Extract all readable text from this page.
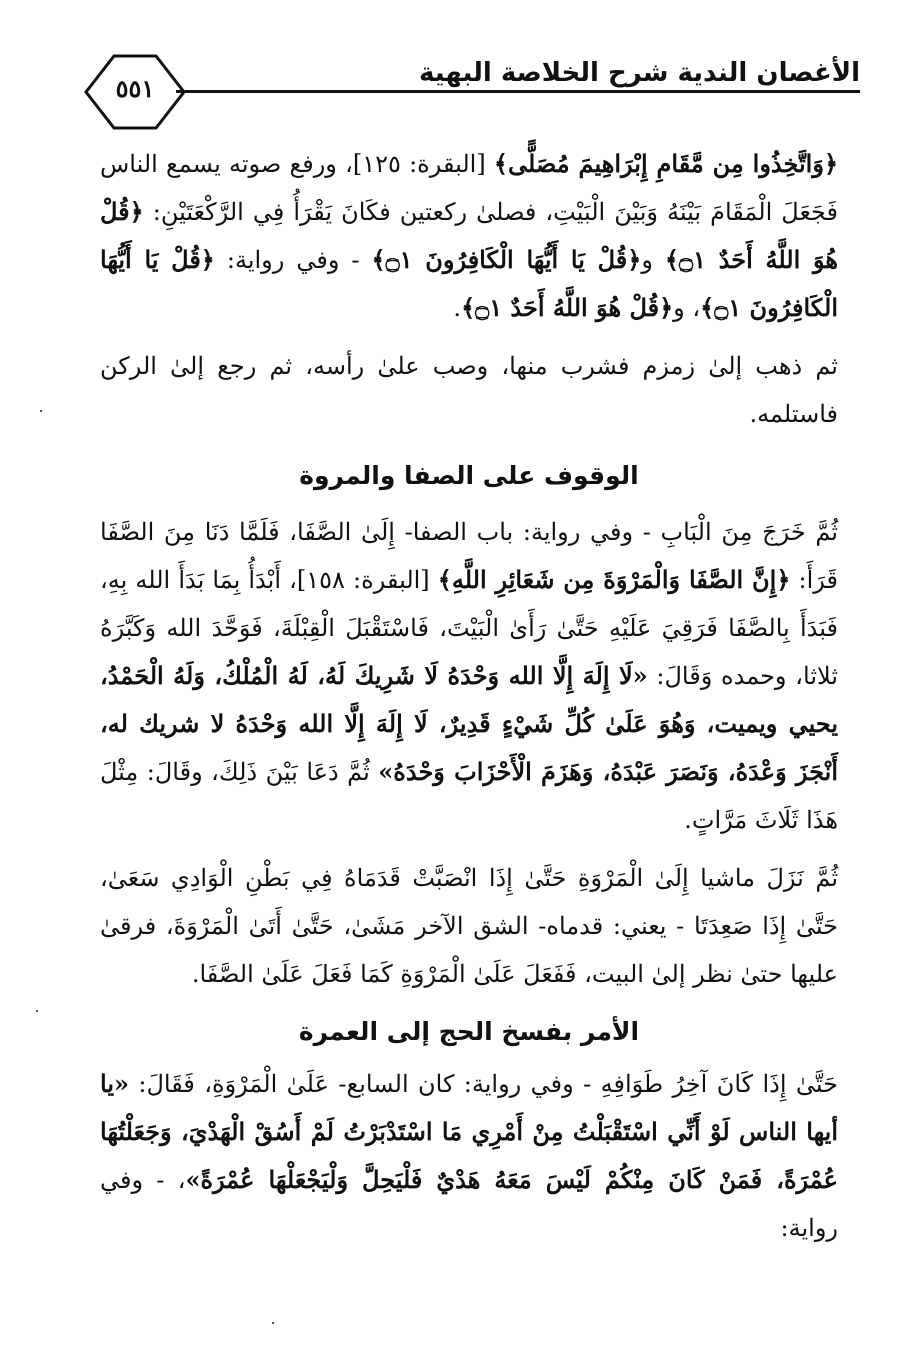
٥٥١
الأغصان الندية شرح الخلاصة البهية

﴿وَاتَّخِذُوا مِن مَّقَامِ إِبْرَاهِيمَ مُصَلًّى﴾ [البقرة: ١٢٥]، ورفع صوته يسمع الناس فَجَعَلَ الْمَقَامَ بَيْنَهُ وَبَيْنَ الْبَيْتِ، فصلىٰ ركعتين فكَانَ يَقْرَأُ فِي الرَّكْعَتَيْنِ: ﴿قُلْ هُوَ اللَّهُ أَحَدٌ ۝١﴾ و﴿قُلْ يَا أَيُّهَا الْكَافِرُونَ ۝١﴾ - وفي رواية: ﴿قُلْ يَا أَيُّهَا الْكَافِرُونَ ۝١﴾، و﴿قُلْ هُوَ اللَّهُ أَحَدٌ ۝١﴾.

ثم ذهب إلىٰ زمزم فشرب منها، وصب علىٰ رأسه، ثم رجع إلىٰ الركن فاستلمه.

الوقوف على الصفا والمروة

ثُمَّ خَرَجَ مِنَ الْبَابِ - وفي رواية: باب الصفا- إِلَىٰ الصَّفَا، فَلَمَّا دَنَا مِنَ الصَّفَا قَرَأَ: ﴿إِنَّ الصَّفَا وَالْمَرْوَةَ مِن شَعَائِرِ اللَّهِ﴾ [البقرة: ١٥٨]، أَبْدَأُ بِمَا بَدَأَ الله بِهِ، فَبَدَأَ بِالصَّفَا فَرَقِيَ عَلَيْهِ حَتَّىٰ رَأَىٰ الْبَيْتَ، فَاسْتَقْبَلَ الْقِبْلَةَ، فَوَحَّدَ الله وَكَبَّرَهُ ثلاثا، وحمده وَقَالَ: «لَا إِلَهَ إِلَّا الله وَحْدَهُ لَا شَرِيكَ لَهُ، لَهُ الْمُلْكُ، وَلَهُ الْحَمْدُ، يحيي ويميت، وَهُوَ عَلَىٰ كُلِّ شَيْءٍ قَدِيرٌ، لَا إِلَهَ إِلَّا الله وَحْدَهُ لا شريك له، أَنْجَزَ وَعْدَهُ، وَنَصَرَ عَبْدَهُ، وَهَزَمَ الْأَحْزَابَ وَحْدَهُ» ثُمَّ دَعَا بَيْنَ ذَلِكَ، وقَالَ: مِثْلَ هَذَا ثَلَاثَ مَرَّاتٍ.

ثُمَّ نَزَلَ ماشيا إِلَىٰ الْمَرْوَةِ حَتَّىٰ إِذَا انْصَبَّتْ قَدَمَاهُ فِي بَطْنِ الْوَادِي سَعَىٰ، حَتَّىٰ إِذَا صَعِدَتَا - يعني: قدماه- الشق الآخر مَشَىٰ، حَتَّىٰ أَتَىٰ الْمَرْوَةَ، فرقىٰ عليها حتىٰ نظر إلىٰ البيت، فَفَعَلَ عَلَىٰ الْمَرْوَةِ كَمَا فَعَلَ عَلَىٰ الصَّفَا.

الأمر بفسخ الحج إلى العمرة

حَتَّىٰ إِذَا كَانَ آخِرُ طَوَافِهِ - وفي رواية: كان السابع- عَلَىٰ الْمَرْوَةِ، فَقَالَ: «يا أيها الناس لَوْ أَنِّي اسْتَقْبَلْتُ مِنْ أَمْرِي مَا اسْتَدْبَرْتُ لَمْ أَسُقْ الْهَدْيَ، وَجَعَلْتُهَا عُمْرَةً، فَمَنْ كَانَ مِنْكُمْ لَيْسَ مَعَهُ هَدْيٌ فَلْيَحِلَّ وَلْيَجْعَلْهَا عُمْرَةً»، - وفي رواية:
